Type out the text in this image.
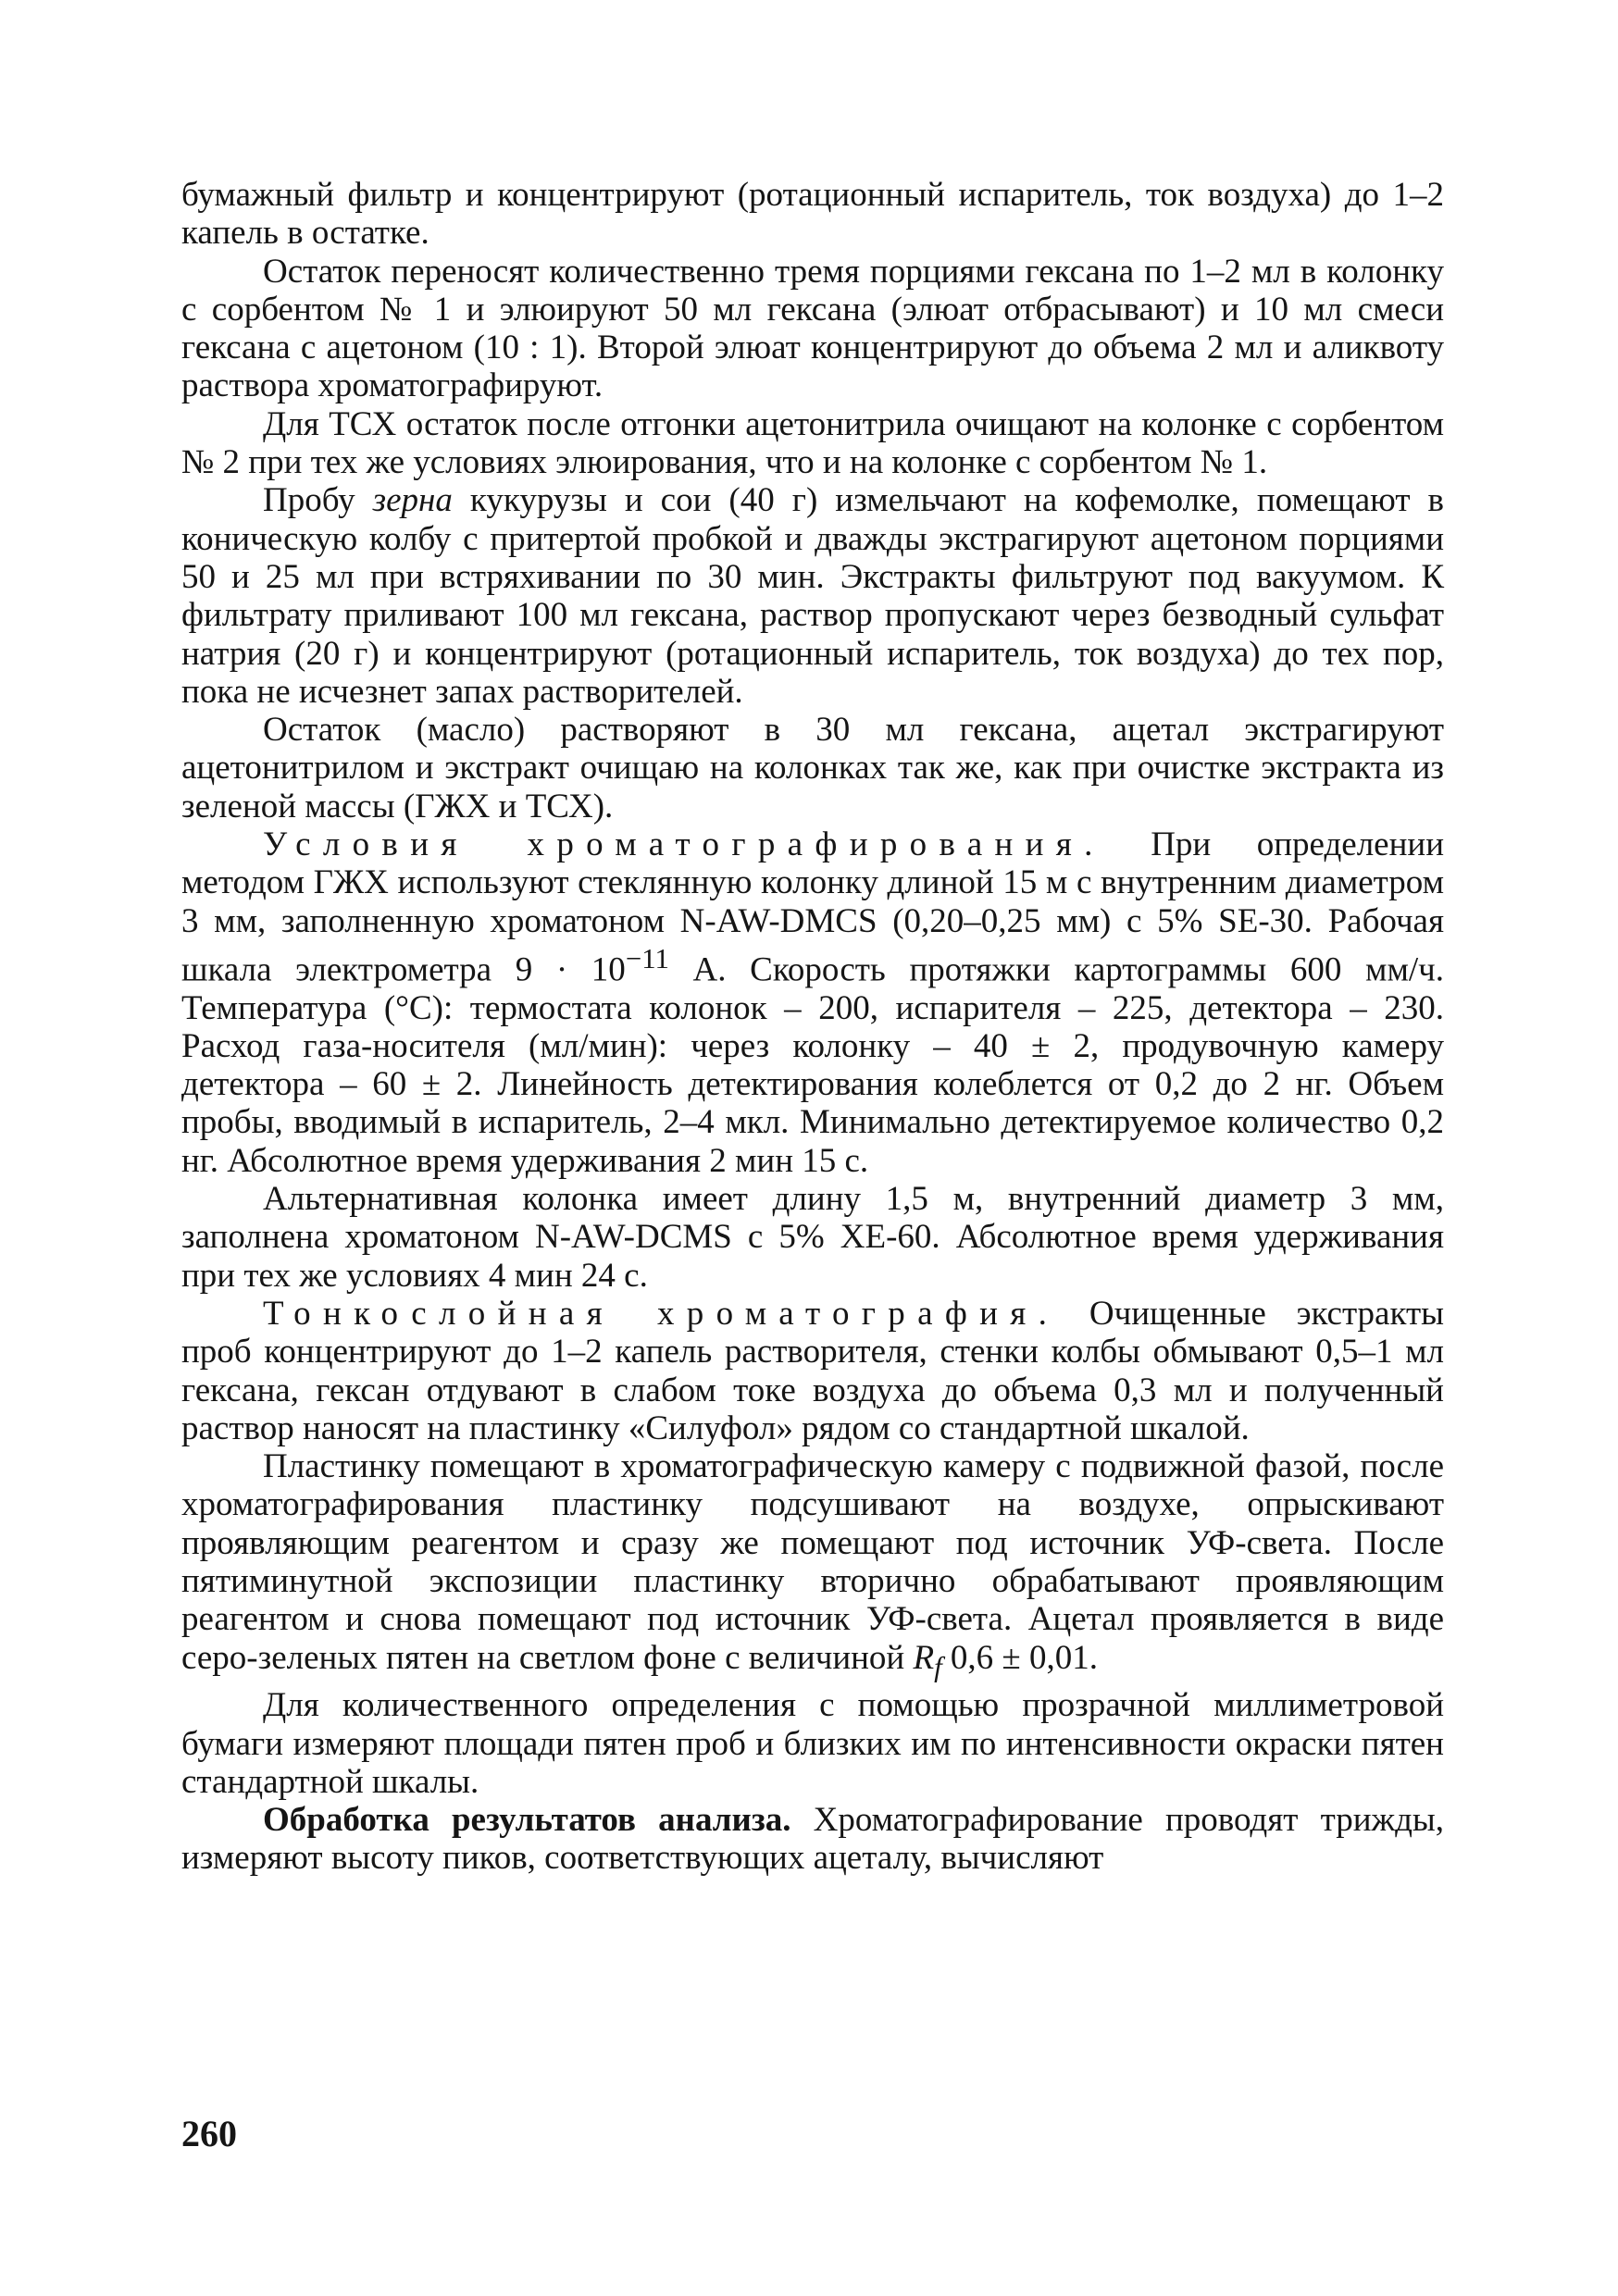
бумажный фильтр и концентрируют (ротационный испаритель, ток воздуха) до 1–2 капель в остатке.

Остаток переносят количественно тремя порциями гексана по 1–2 мл в колонку с сорбентом № 1 и элюируют 50 мл гексана (элюат отбрасывают) и 10 мл смеси гексана с ацетоном (10 : 1). Второй элюат концентрируют до объема 2 мл и аликвоту раствора хроматографируют.

Для ТСХ остаток после отгонки ацетонитрила очищают на колонке с сорбентом № 2 при тех же условиях элюирования, что и на колонке с сорбентом № 1.

Пробу зерна кукурузы и сои (40 г) измельчают на кофемолке, помещают в коническую колбу с притертой пробкой и дважды экстрагируют ацетоном порциями 50 и 25 мл при встряхивании по 30 мин. Экстракты фильтруют под вакуумом. К фильтрату приливают 100 мл гексана, раствор пропускают через безводный сульфат натрия (20 г) и концентрируют (ротационный испаритель, ток воздуха) до тех пор, пока не исчезнет запах растворителей.

Остаток (масло) растворяют в 30 мл гексана, ацетал экстрагируют ацетонитрилом и экстракт очищаю на колонках так же, как при очистке экстракта из зеленой массы (ГЖХ и ТСХ).

Условия хроматографирования. При определении методом ГЖХ используют стеклянную колонку длиной 15 м с внутренним диаметром 3 мм, заполненную хроматоном N-AW-DMCS (0,20–0,25 мм) с 5% SE-30. Рабочая шкала электрометра $9 \cdot 10^{-11}$ А. Скорость протяжки картограммы 600 мм/ч. Температура (°С): термостата колонок – 200, испарителя – 225, детектора – 230. Расход газа-носителя (мл/мин): через колонку – 40 ± 2, продувочную камеру детектора – 60 ± 2. Линейность детектирования колеблется от 0,2 до 2 нг. Объем пробы, вводимый в испаритель, 2–4 мкл. Минимально детектируемое количество 0,2 нг. Абсолютное время удерживания 2 мин 15 с.

Альтернативная колонка имеет длину 1,5 м, внутренний диаметр 3 мм, заполнена хроматоном N-AW-DCMS с 5% ХЕ-60. Абсолютное время удерживания при тех же условиях 4 мин 24 с.

Тонкослойная хроматография. Очищенные экстракты проб концентрируют до 1–2 капель растворителя, стенки колбы обмывают 0,5–1 мл гексана, гексан отдувают в слабом токе воздуха до объема 0,3 мл и полученный раствор наносят на пластинку «Силуфол» рядом со стандартной шкалой.

Пластинку помещают в хроматографическую камеру с подвижной фазой, после хроматографирования пластинку подсушивают на воздухе, опрыскивают проявляющим реагентом и сразу же помещают под источник УФ-света. После пятиминутной экспозиции пластинку вторично обрабатывают проявляющим реагентом и снова помещают под источник УФ-света. Ацетал проявляется в виде серо-зеленых пятен на светлом фоне с величиной $R_f$ 0,6 ± 0,01.

Для количественного определения с помощью прозрачной миллиметровой бумаги измеряют площади пятен проб и близких им по интенсивности окраски пятен стандартной шкалы.

Обработка результатов анализа. Хроматографирование проводят трижды, измеряют высоту пиков, соответствующих ацеталу, вычисляют

260
